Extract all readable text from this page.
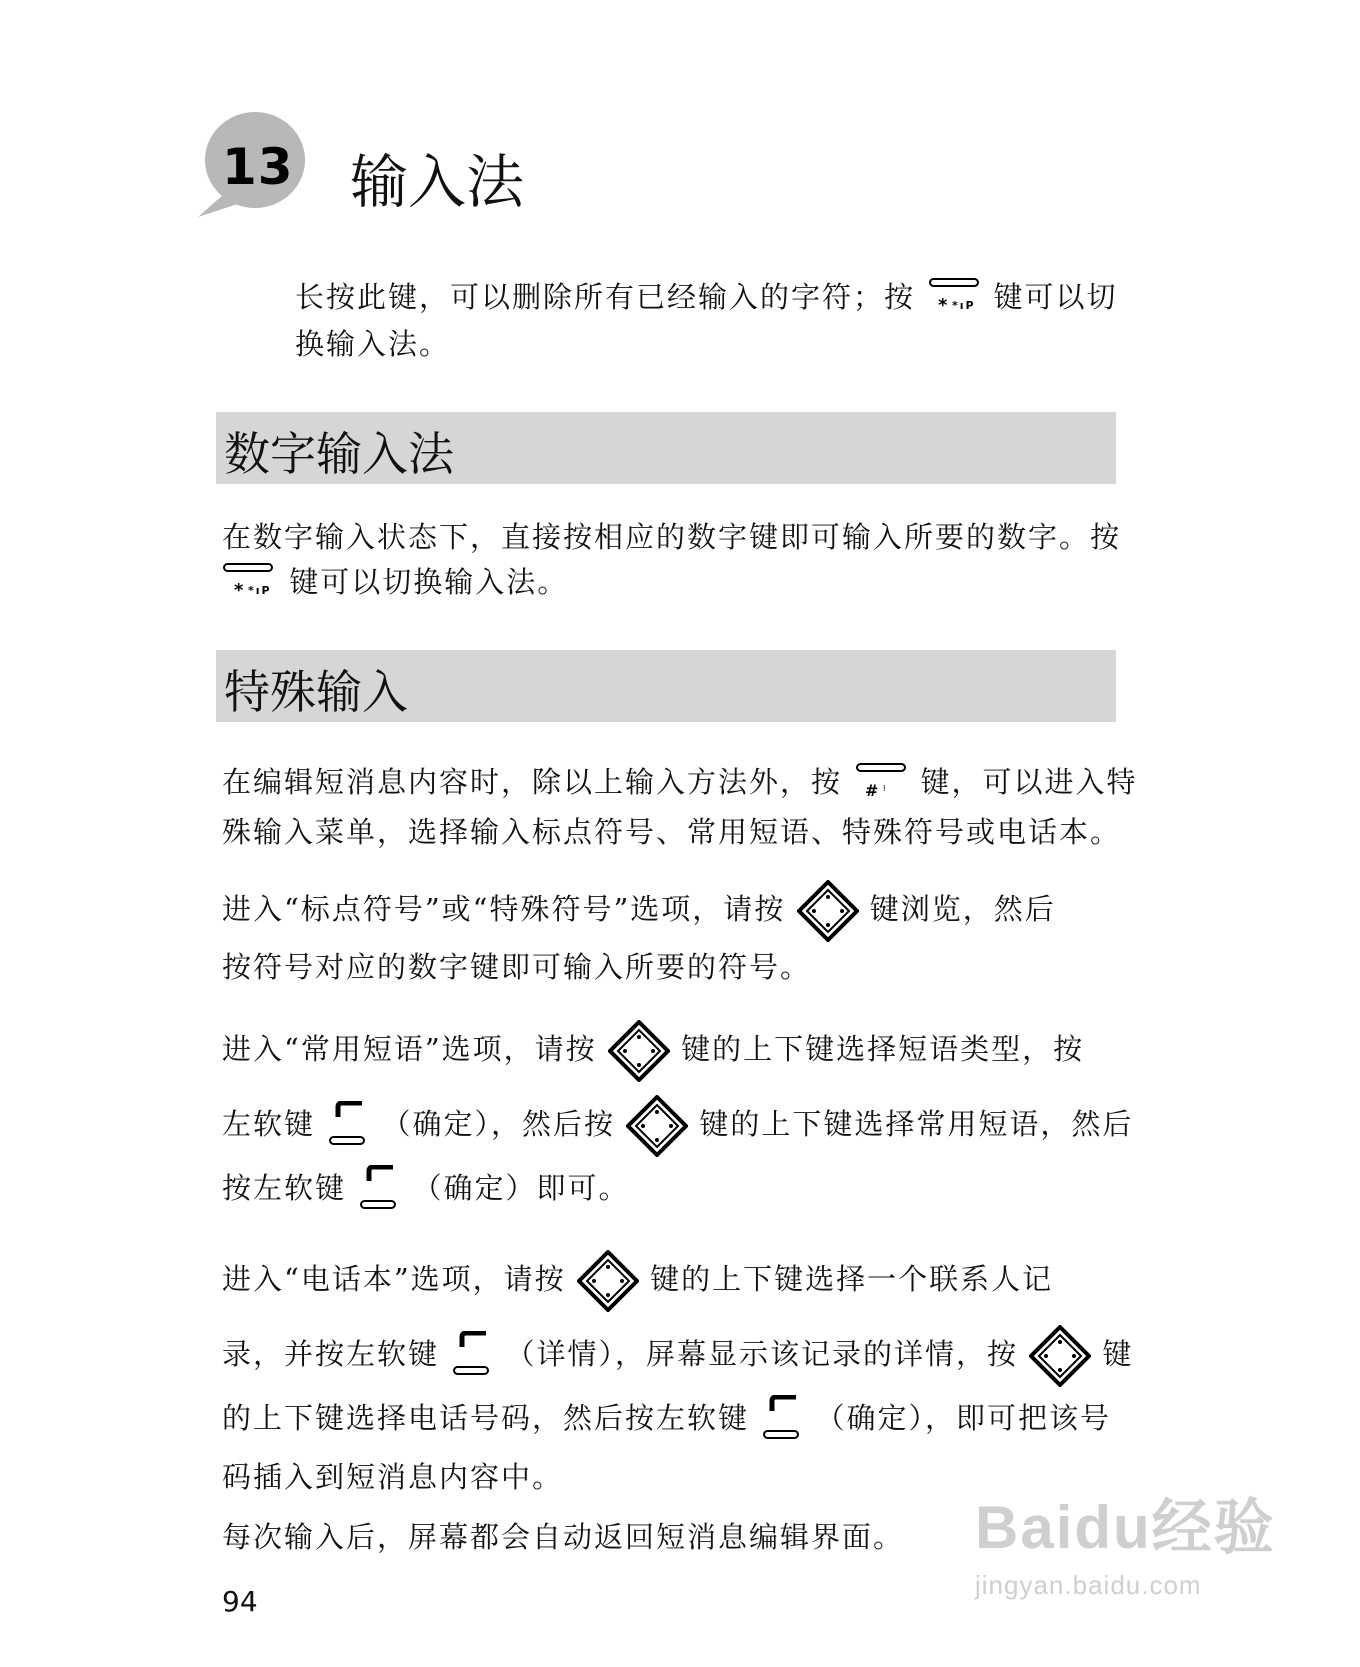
13 输入法
长按此键，可以删除所有已经输入的字符；按 * *ıP 键可以切
换输入法。
数字输入法
在数字输入状态下，直接按相应的数字键即可输入所要的数字。按
* *ıP 键可以切换输入法。
特殊输入
在编辑短消息内容时，除以上输入方法外，按 # ᵎ 键，可以进入特
殊输入菜单，选择输入标点符号、常用短语、特殊符号或电话本。
进入“标点符号”或“特殊符号”选项，请按	键浏览，然后
按符号对应的数字键即可输入所要的符号。
进入“常用短语”选项，请按	键的上下键选择短语类型，按
左软键 （确定），然后按	键的上下键选择常用短语，然后
按左软键 （确定）即可。
进入“电话本”选项，请按	键的上下键选择一个联系人记
录，并按左软键 （详情），屏幕显示该记录的详情，按	键
的上下键选择电话号码，然后按左软键 （确定），即可把该号
码插入到短消息内容中。
每次输入后，屏幕都会自动返回短消息编辑界面。
94
Baidu经验
jingyan.baidu.com
